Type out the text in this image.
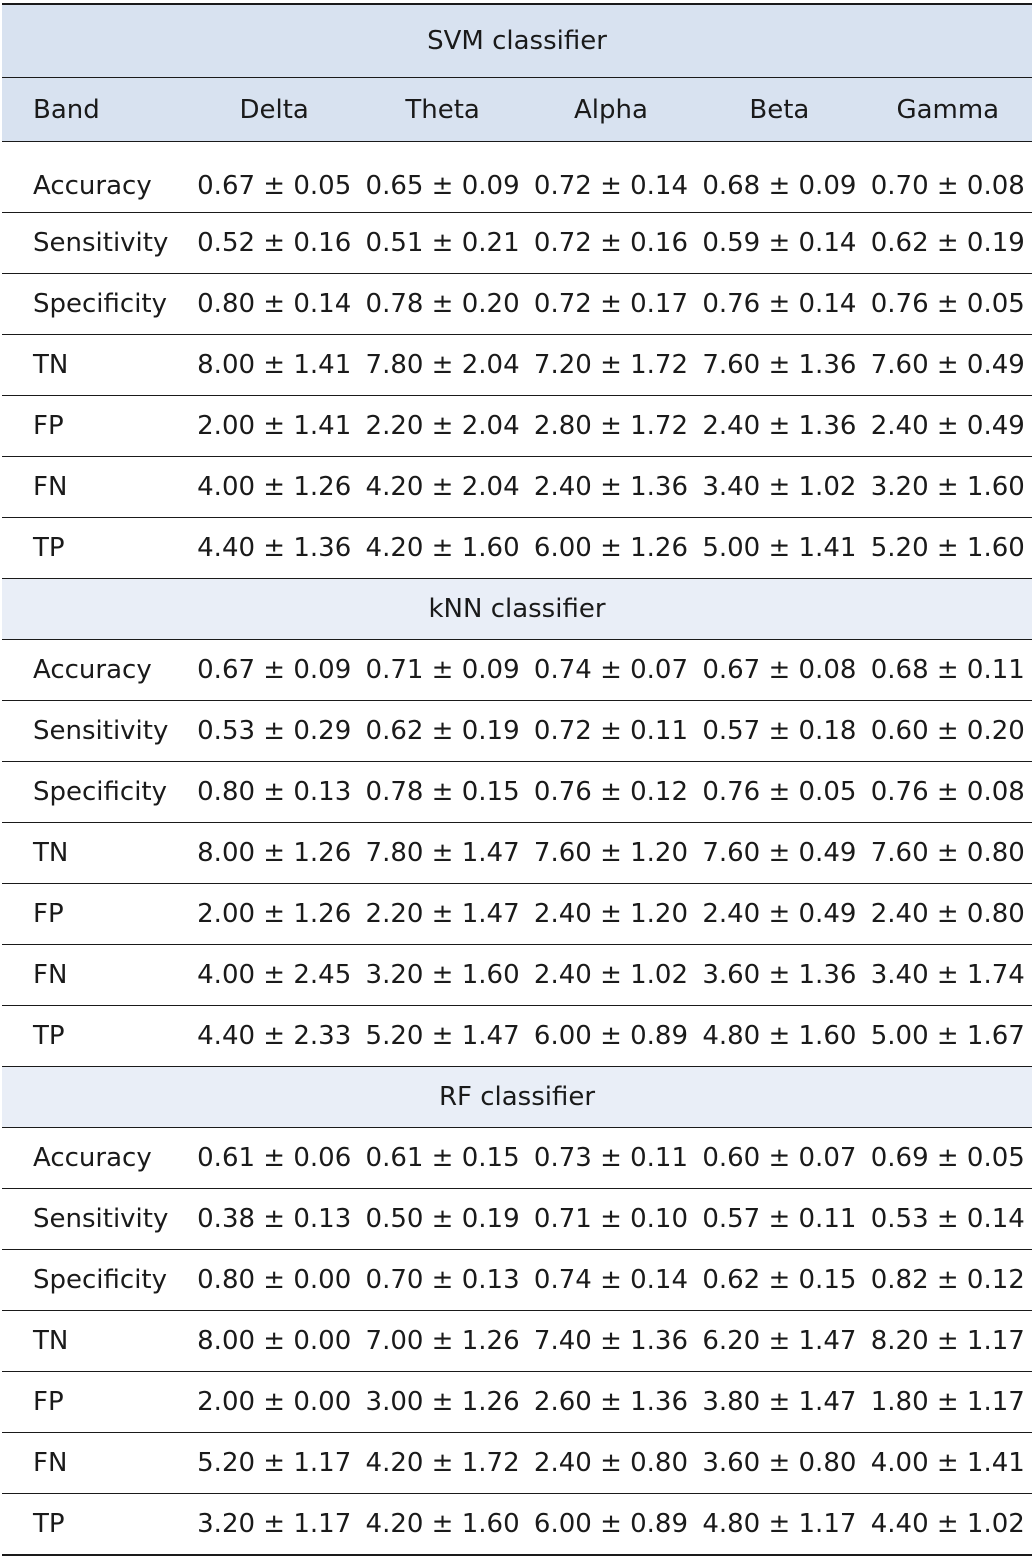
SVM classifier					
Band	Delta	Theta	Alpha	Beta	Gamma

Accuracy	0.67 ± 0.05	0.65 ± 0.09	0.72 ± 0.14	0.68 ± 0.09	0.70 ± 0.08
Sensitivity	0.52 ± 0.16	0.51 ± 0.21	0.72 ± 0.16	0.59 ± 0.14	0.62 ± 0.19
Specificity	0.80 ± 0.14	0.78 ± 0.20	0.72 ± 0.17	0.76 ± 0.14	0.76 ± 0.05
TN	8.00 ± 1.41	7.80 ± 2.04	7.20 ± 1.72	7.60 ± 1.36	7.60 ± 0.49
FP	2.00 ± 1.41	2.20 ± 2.04	2.80 ± 1.72	2.40 ± 1.36	2.40 ± 0.49
FN	4.00 ± 1.26	4.20 ± 2.04	2.40 ± 1.36	3.40 ± 1.02	3.20 ± 1.60
TP	4.40 ± 1.36	4.20 ± 1.60	6.00 ± 1.26	5.00 ± 1.41	5.20 ± 1.60
kNN classifier					
Accuracy	0.67 ± 0.09	0.71 ± 0.09	0.74 ± 0.07	0.67 ± 0.08	0.68 ± 0.11
Sensitivity	0.53 ± 0.29	0.62 ± 0.19	0.72 ± 0.11	0.57 ± 0.18	0.60 ± 0.20
Specificity	0.80 ± 0.13	0.78 ± 0.15	0.76 ± 0.12	0.76 ± 0.05	0.76 ± 0.08
TN	8.00 ± 1.26	7.80 ± 1.47	7.60 ± 1.20	7.60 ± 0.49	7.60 ± 0.80
FP	2.00 ± 1.26	2.20 ± 1.47	2.40 ± 1.20	2.40 ± 0.49	2.40 ± 0.80
FN	4.00 ± 2.45	3.20 ± 1.60	2.40 ± 1.02	3.60 ± 1.36	3.40 ± 1.74
TP	4.40 ± 2.33	5.20 ± 1.47	6.00 ± 0.89	4.80 ± 1.60	5.00 ± 1.67
RF classifier					
Accuracy	0.61 ± 0.06	0.61 ± 0.15	0.73 ± 0.11	0.60 ± 0.07	0.69 ± 0.05
Sensitivity	0.38 ± 0.13	0.50 ± 0.19	0.71 ± 0.10	0.57 ± 0.11	0.53 ± 0.14
Specificity	0.80 ± 0.00	0.70 ± 0.13	0.74 ± 0.14	0.62 ± 0.15	0.82 ± 0.12
TN	8.00 ± 0.00	7.00 ± 1.26	7.40 ± 1.36	6.20 ± 1.47	8.20 ± 1.17
FP	2.00 ± 0.00	3.00 ± 1.26	2.60 ± 1.36	3.80 ± 1.47	1.80 ± 1.17
FN	5.20 ± 1.17	4.20 ± 1.72	2.40 ± 0.80	3.60 ± 0.80	4.00 ± 1.41
TP	3.20 ± 1.17	4.20 ± 1.60	6.00 ± 0.89	4.80 ± 1.17	4.40 ± 1.02
